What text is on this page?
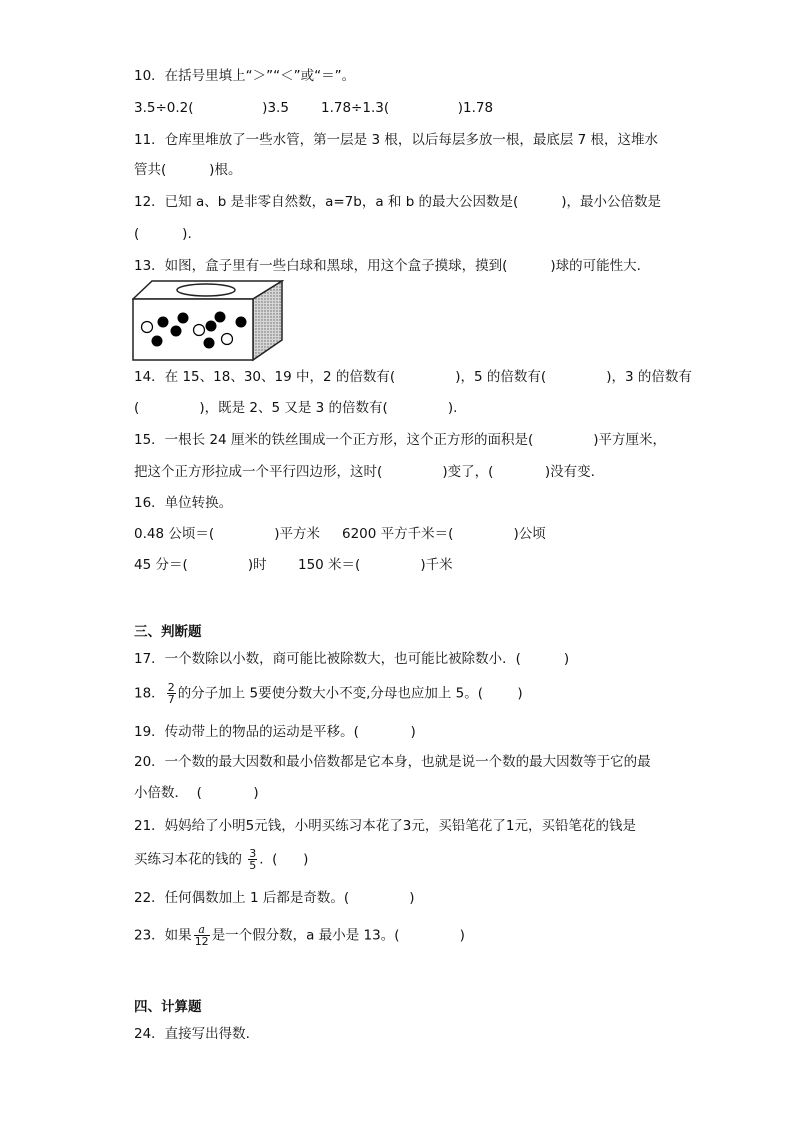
10．在括号里填上“＞”“＜”或“＝”。
3.5÷0.2(                )3.5 1.78÷1.3(                )1.78
11．仓库里堆放了一些水管，第一层是 3 根，以后每层多放一根，最底层 7 根，这堆水
管共(          )根。
12．已知 a、b 是非零自然数，a=7b，a 和 b 的最大公因数是(          )，最小公倍数是
(          ).
13．如图，盒子里有一些白球和黑球，用这个盒子摸球，摸到(          )球的可能性大.
14．在 15、18、30、19 中，2 的倍数有(              )，5 的倍数有(              )，3 的倍数有
(              )，既是 2、5 又是 3 的倍数有(              ).
15．一根长 24 厘米的铁丝围成一个正方形，这个正方形的面积是(              )平方厘米，
把这个正方形拉成一个平行四边形，这时(              )变了，(            )没有变.
16．单位转换。
0.48 公顷＝(              )平方米 6200 平方千米＝(              )公顷
45 分＝(              )时 150 米＝(              )千米
三、判断题
17．一个数除以小数，商可能比被除数大，也可能比被除数小．(          )
18． $\frac{2}{7}$ 的分子加上 5要使分数大小不变,分母也应加上 5。(        )
19．传动带上的物品的运动是平移。(            )
20．一个数的最大因数和最小倍数都是它本身，也就是说一个数的最大因数等于它的最
小倍数．  (            )
21．妈妈给了小明5元钱，小明买练习本花了3元，买铅笔花了1元，买铅笔花的钱是
买练习本花的钱的 $\frac{3}{5}$ .  (      )
22．任何偶数加上 1 后都是奇数。(              )
23．如果 $\frac{a}{12}$ 是一个假分数，a 最小是 13。(              )
四、计算题
24．直接写出得数.
